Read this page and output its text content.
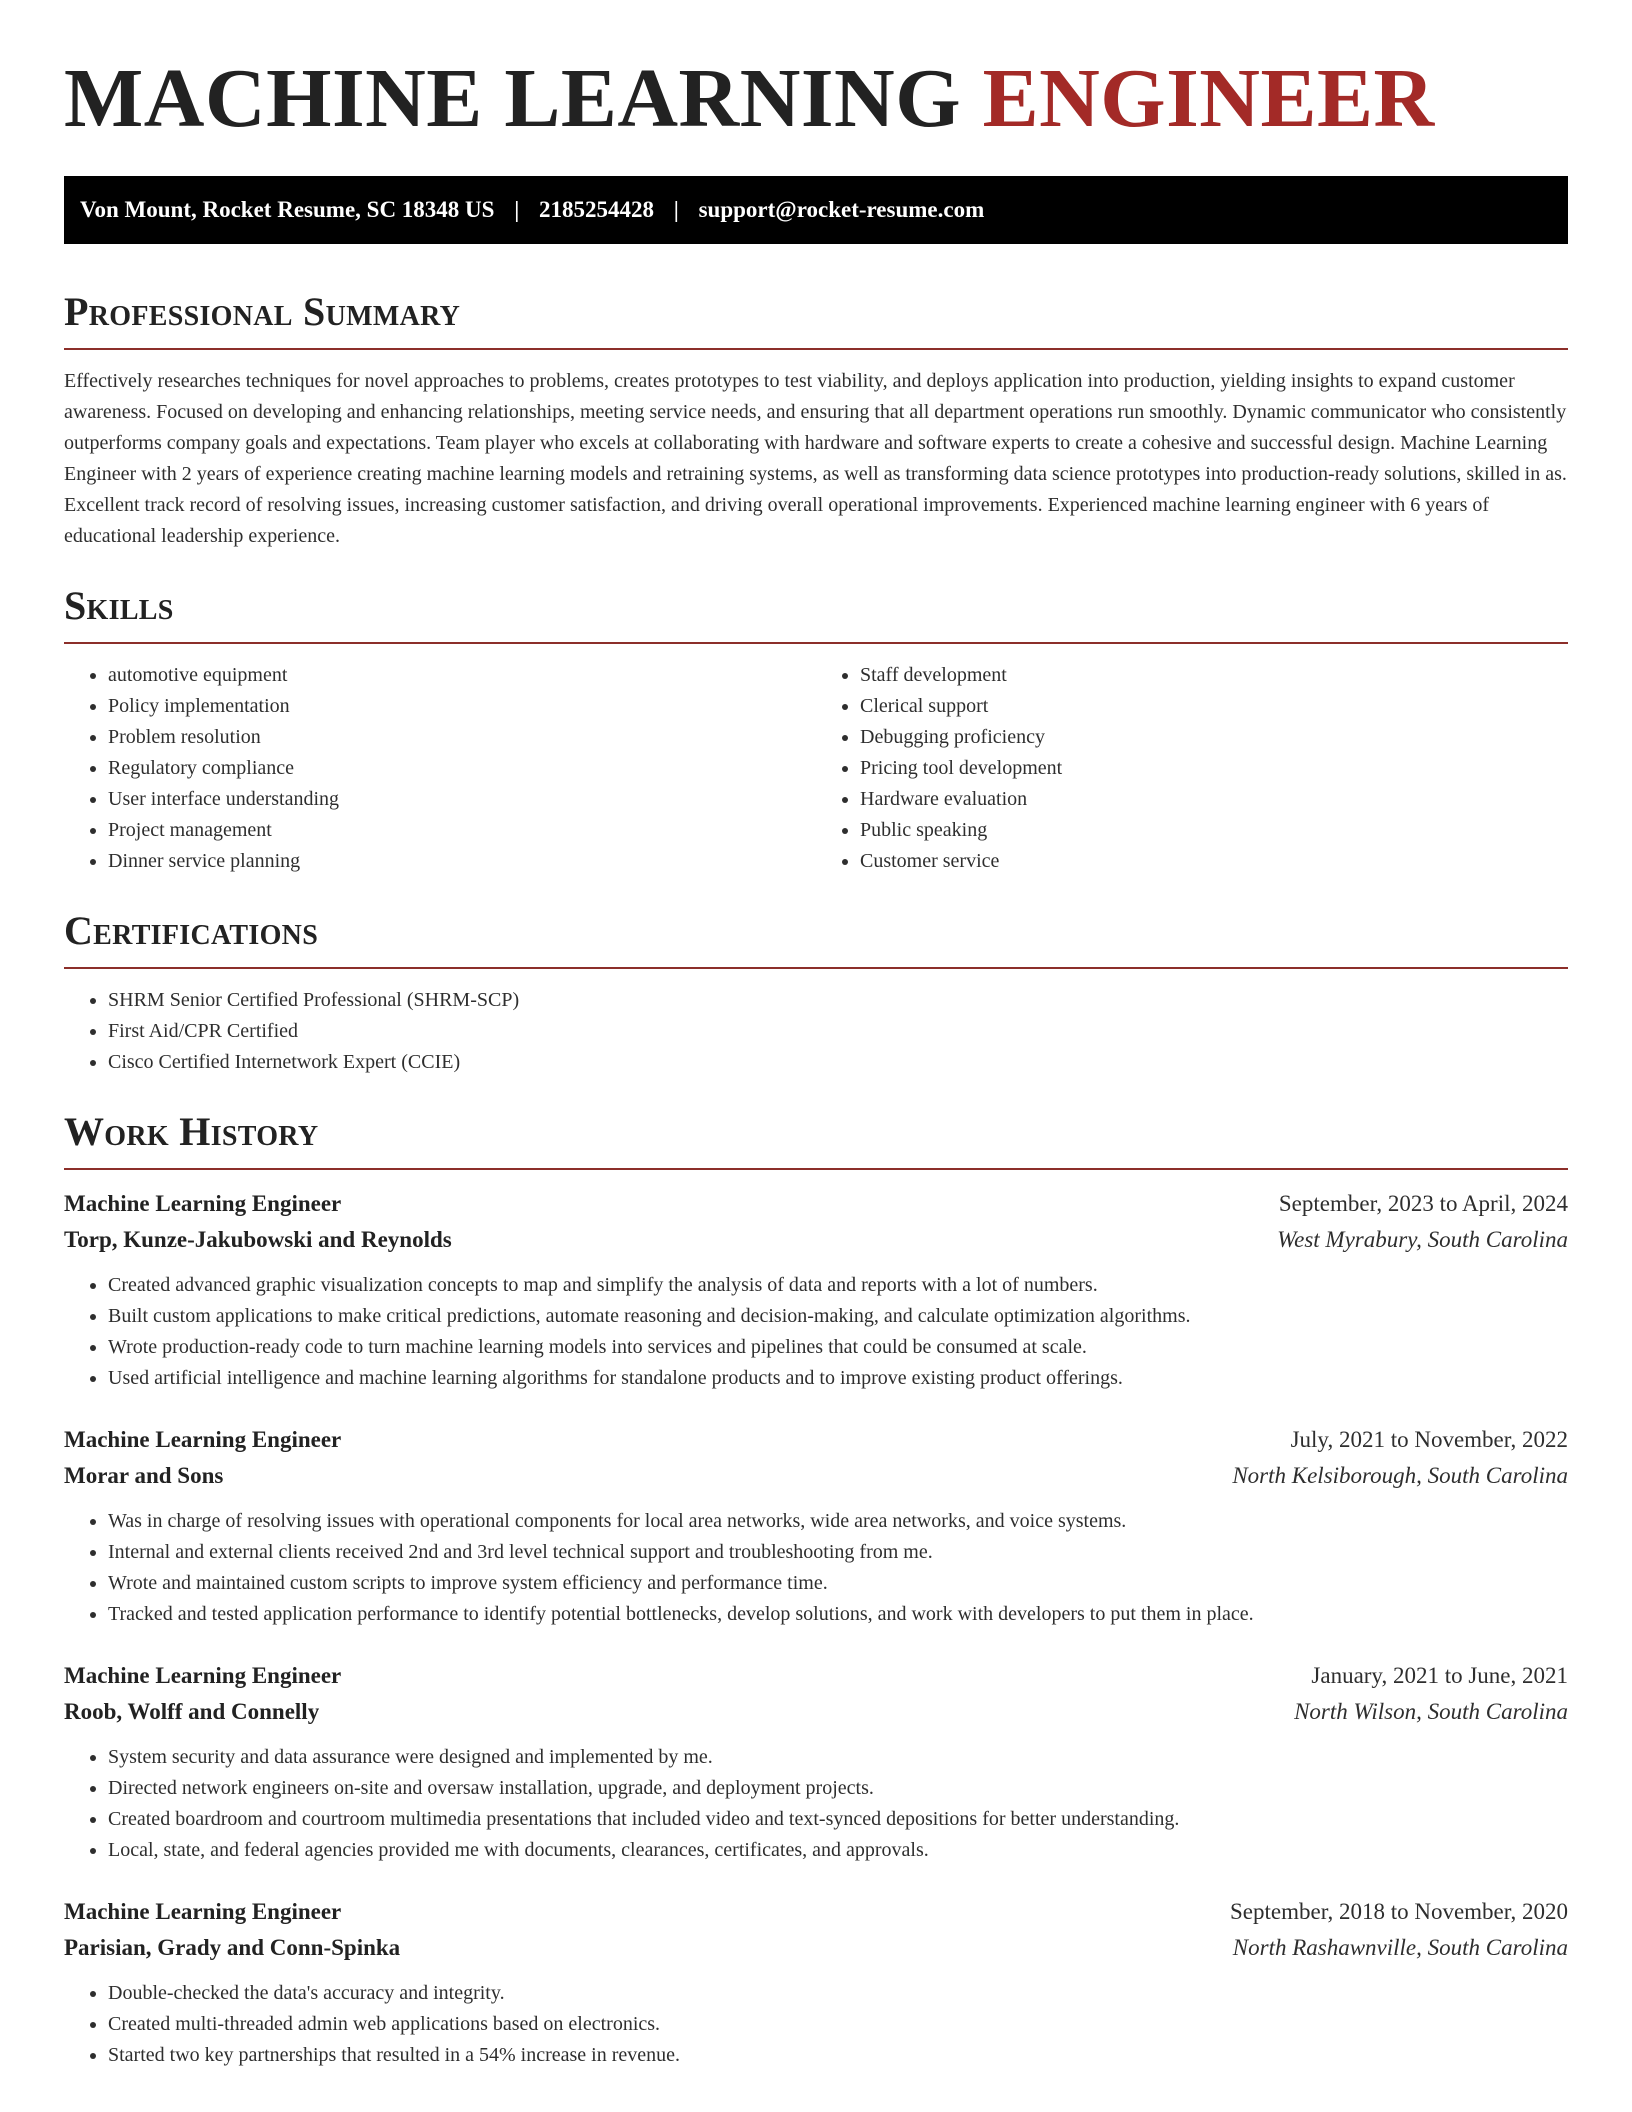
MACHINE LEARNING ENGINEER
Von Mount, Rocket Resume, SC 18348 US | 2185254428 | support@rocket-resume.com
Professional Summary

Effectively researches techniques for novel approaches to problems, creates prototypes to test viability, and deploys application into production, yielding insights to expand customer awareness. Focused on developing and enhancing relationships, meeting service needs, and ensuring that all department operations run smoothly. Dynamic communicator who consistently outperforms company goals and expectations. Team player who excels at collaborating with hardware and software experts to create a cohesive and successful design. Machine Learning Engineer with 2 years of experience creating machine learning models and retraining systems, as well as transforming data science prototypes into production-ready solutions, skilled in as. Excellent track record of resolving issues, increasing customer satisfaction, and driving overall operational improvements. Experienced machine learning engineer with 6 years of educational leadership experience.

Skills
• automotive equipment
• Policy implementation
• Problem resolution
• Regulatory compliance
• User interface understanding
• Project management
• Dinner service planning
• Staff development
• Clerical support
• Debugging proficiency
• Pricing tool development
• Hardware evaluation
• Public speaking
• Customer service
Certifications
• SHRM Senior Certified Professional (SHRM-SCP)
• First Aid/CPR Certified
• Cisco Certified Internetwork Expert (CCIE)
Work History
Machine Learning Engineer	September, 2023 to April, 2024
Torp, Kunze-Jakubowski and Reynolds	West Myrabury, South Carolina
• Created advanced graphic visualization concepts to map and simplify the analysis of data and reports with a lot of numbers.
• Built custom applications to make critical predictions, automate reasoning and decision-making, and calculate optimization algorithms.
• Wrote production-ready code to turn machine learning models into services and pipelines that could be consumed at scale.
• Used artificial intelligence and machine learning algorithms for standalone products and to improve existing product offerings.
Machine Learning Engineer	July, 2021 to November, 2022
Morar and Sons	North Kelsiborough, South Carolina
• Was in charge of resolving issues with operational components for local area networks, wide area networks, and voice systems.
• Internal and external clients received 2nd and 3rd level technical support and troubleshooting from me.
• Wrote and maintained custom scripts to improve system efficiency and performance time.
• Tracked and tested application performance to identify potential bottlenecks, develop solutions, and work with developers to put them in place.
Machine Learning Engineer	January, 2021 to June, 2021
Roob, Wolff and Connelly	North Wilson, South Carolina
• System security and data assurance were designed and implemented by me.
• Directed network engineers on-site and oversaw installation, upgrade, and deployment projects.
• Created boardroom and courtroom multimedia presentations that included video and text-synced depositions for better understanding.
• Local, state, and federal agencies provided me with documents, clearances, certificates, and approvals.
Machine Learning Engineer	September, 2018 to November, 2020
Parisian, Grady and Conn-Spinka	North Rashawnville, South Carolina
• Double-checked the data's accuracy and integrity.
• Created multi-threaded admin web applications based on electronics.
• Started two key partnerships that resulted in a 54% increase in revenue.
